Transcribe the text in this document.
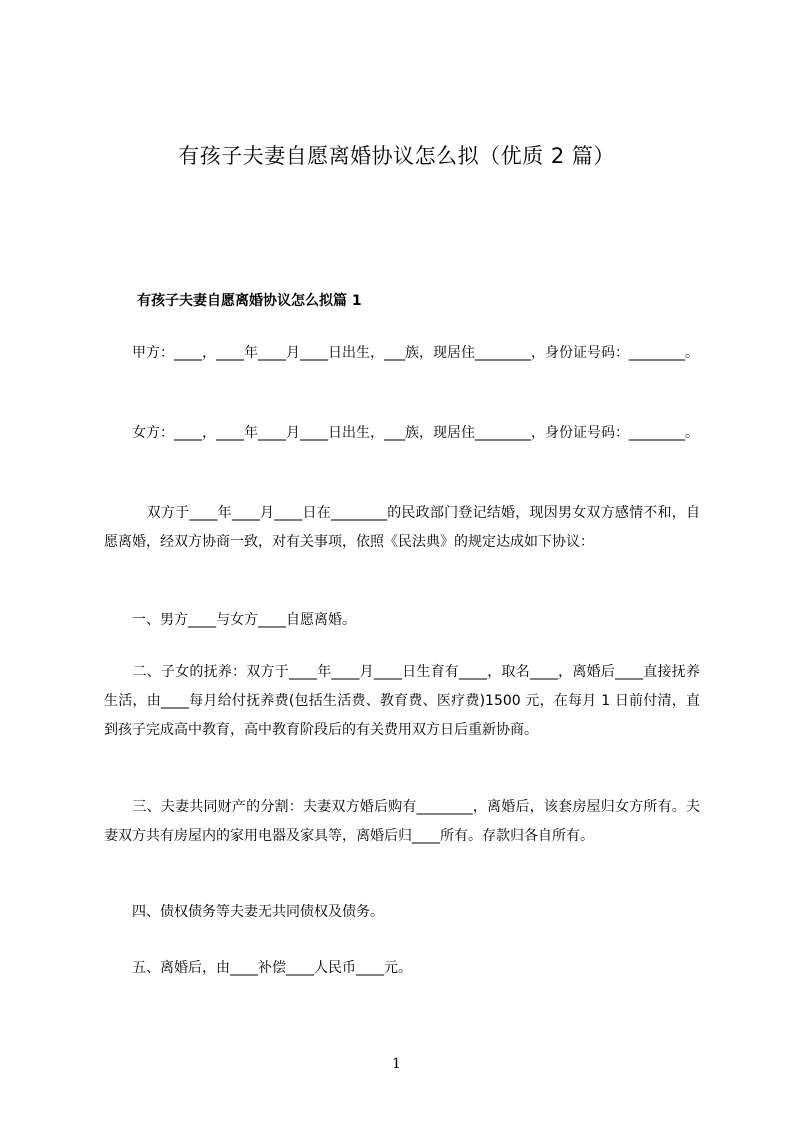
有孩子夫妻自愿离婚协议怎么拟（优质 2 篇）
有孩子夫妻自愿离婚协议怎么拟篇 1
　　甲方：____，____年____月____日出生，___族，现居住________，身份证号码：________。
　　女方：____，____年____月____日出生，___族，现居住________，身份证号码：________。
　　　双方于____年____月____日在________的民政部门登记结婚，现因男女双方感情不和，自愿离婚，经双方协商一致，对有关事项，依照《民法典》的规定达成如下协议：
　　一、男方____与女方____自愿离婚。
　　二、子女的抚养：双方于____年____月____日生育有____，取名____，离婚后____直接抚养生活，由____每月给付抚养费(包括生活费、教育费、医疗费)1500 元，在每月 1 日前付清，直到孩子完成高中教育，高中教育阶段后的有关费用双方日后重新协商。
　　三、夫妻共同财产的分割：夫妻双方婚后购有________，离婚后，该套房屋归女方所有。夫妻双方共有房屋内的家用电器及家具等，离婚后归____所有。存款归各自所有。
　　四、债权债务等夫妻无共同债权及债务。
　　五、离婚后，由____补偿____人民币____元。
1
